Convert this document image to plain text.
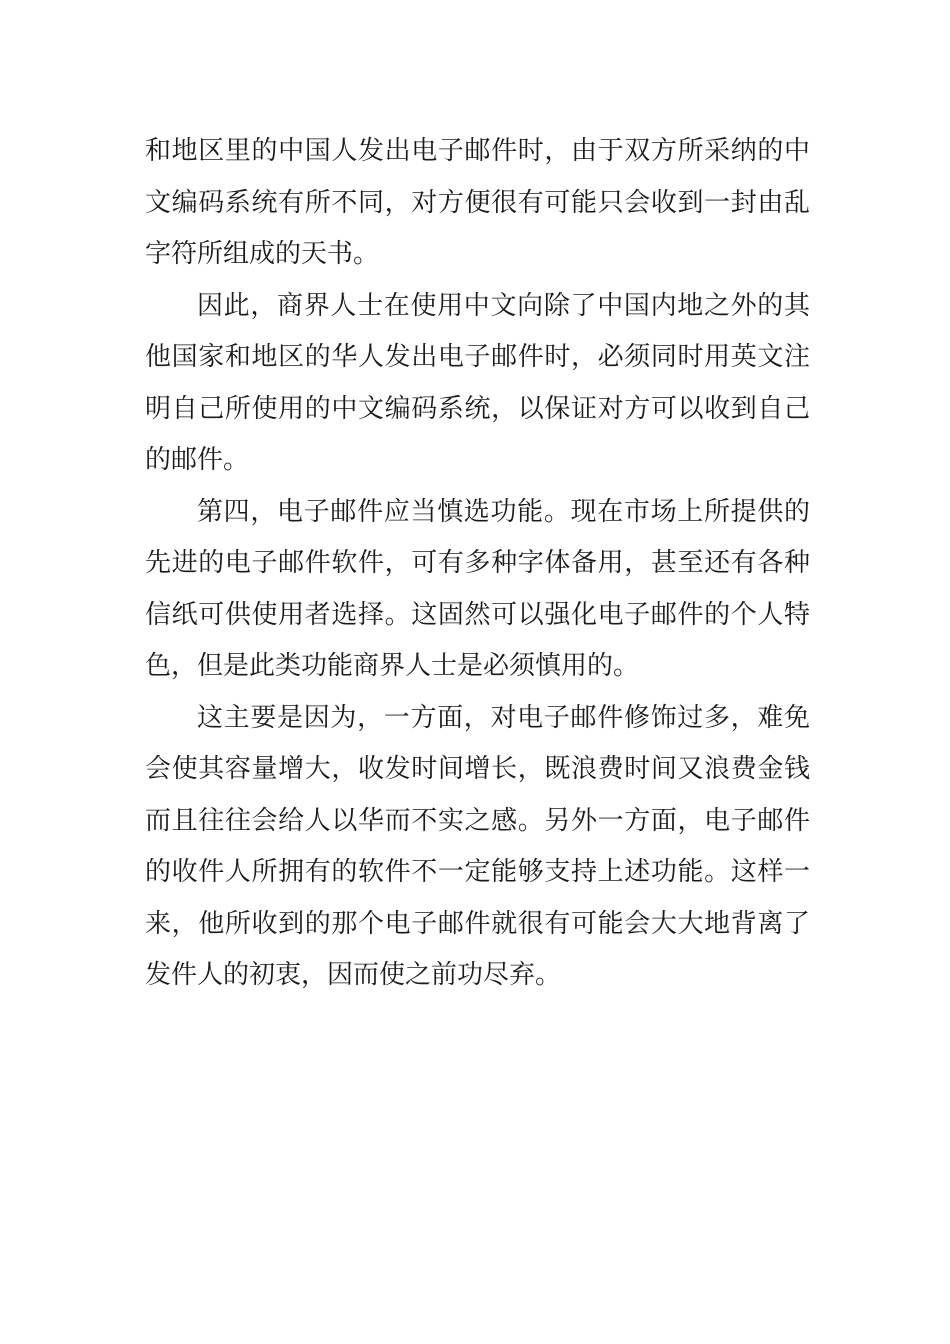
和地区里的中国人发出电子邮件时，由于双方所采纳的中文编码系统有所不同，对方便很有可能只会收到一封由乱字符所组成的天书。

因此，商界人士在使用中文向除了中国内地之外的其他国家和地区的华人发出电子邮件时，必须同时用英文注明自己所使用的中文编码系统，以保证对方可以收到自己的邮件。

第四，电子邮件应当慎选功能。现在市场上所提供的先进的电子邮件软件，可有多种字体备用，甚至还有各种信纸可供使用者选择。这固然可以强化电子邮件的个人特色，但是此类功能商界人士是必须慎用的。

这主要是因为，一方面，对电子邮件修饰过多，难免会使其容量增大，收发时间增长，既浪费时间又浪费金钱而且往往会给人以华而不实之感。另外一方面，电子邮件的收件人所拥有的软件不一定能够支持上述功能。这样一来，他所收到的那个电子邮件就很有可能会大大地背离了发件人的初衷，因而使之前功尽弃。
